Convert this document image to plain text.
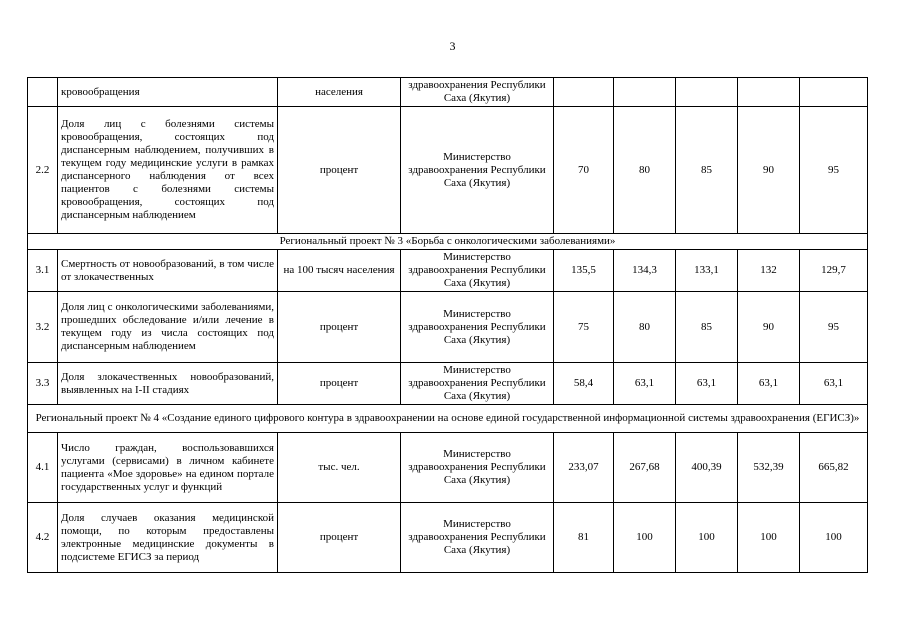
3
	кровообращения	населения	здравоохранения Республики Саха (Якутия)					
2.2	Доля лиц с болезнями системы кровообращения, состоящих под диспансерным наблюдением, получивших в текущем году медицинские услуги в рамках диспансерного наблюдения от всех пациентов с болезнями системы кровообращения, состоящих под диспансерным наблюдением	процент	Министерство здравоохранения Республики Саха (Якутия)	70	80	85	90	95
Региональный проект № 3 «Борьба с онкологическими заболеваниями»								
3.1	Смертность от новообразований, в том числе от злокачественных	на 100 тысяч населения	Министерство здравоохранения Республики Саха (Якутия)	135,5	134,3	133,1	132	129,7
3.2	Доля лиц с онкологическими заболеваниями, прошедших обследование и/или лечение в текущем году из числа состоящих под диспансерным наблюдением	процент	Министерство здравоохранения Республики Саха (Якутия)	75	80	85	90	95
3.3	Доля злокачественных новообразований, выявленных на I-II стадиях	процент	Министерство здравоохранения Республики Саха (Якутия)	58,4	63,1	63,1	63,1	63,1
Региональный проект № 4 «Создание единого цифрового контура в здравоохранении на основе единой государственной информационной системы здравоохранения (ЕГИСЗ)»								
4.1	Число граждан, воспользовавшихся услугами (сервисами) в личном кабинете пациента «Мое здоровье» на едином портале государственных услуг и функций	тыс. чел.	Министерство здравоохранения Республики Саха (Якутия)	233,07	267,68	400,39	532,39	665,82
4.2	Доля случаев оказания медицинской помощи, по которым предоставлены электронные медицинские документы в подсистеме ЕГИСЗ за период	процент	Министерство здравоохранения Республики Саха (Якутия)	81	100	100	100	100
